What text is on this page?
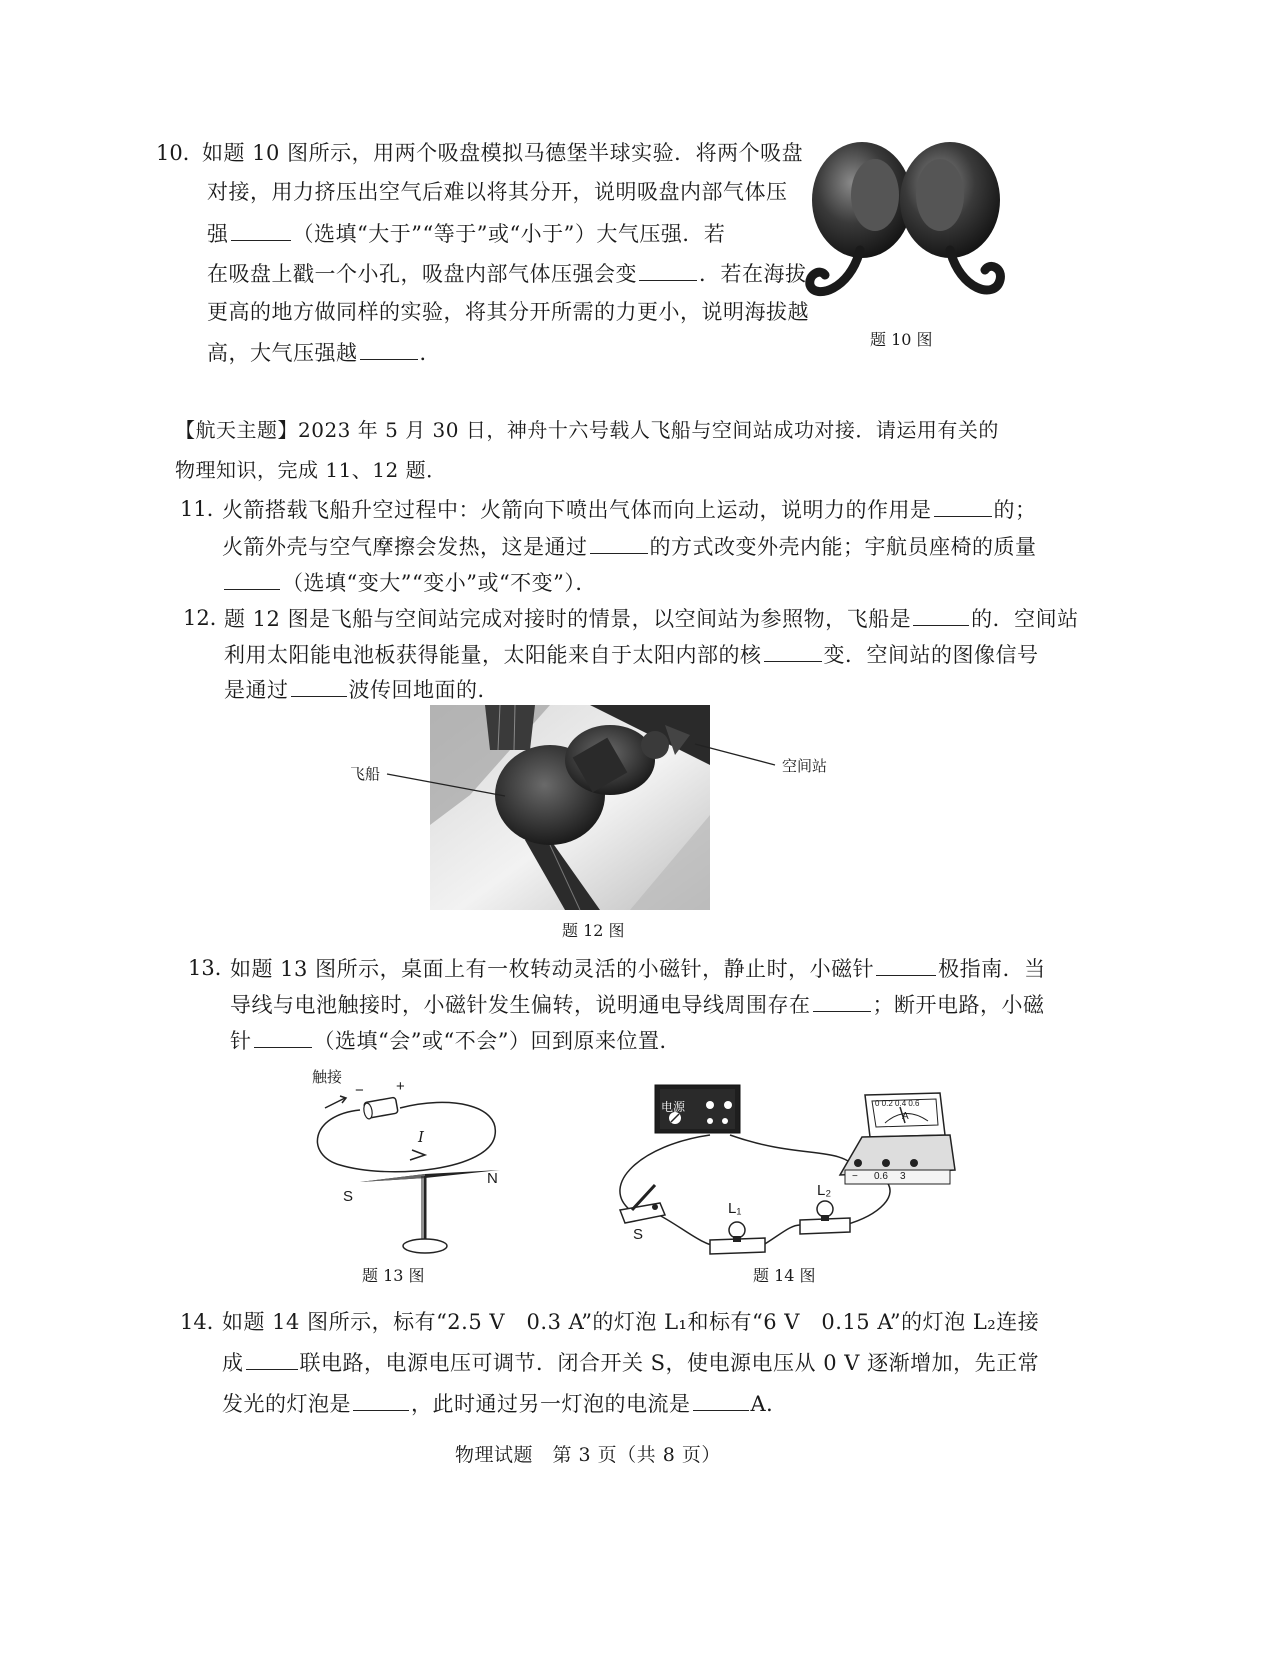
10．
如题 10 图所示，用两个吸盘模拟马德堡半球实验．将两个吸盘
对接，用力挤压出空气后难以将其分开，说明吸盘内部气体压
强	（选填“大于”“等于”或“小于”）大气压强．若
在吸盘上戳一个小孔，吸盘内部气体压强会变	．若在海拔
更高的地方做同样的实验，将其分开所需的力更小，说明海拔越
高，大气压强越	．
题 10 图
【航天主题】2023 年 5 月 30 日，神舟十六号载人飞船与空间站成功对接．请运用有关的
物理知识，完成 11、12 题．
11．
火箭搭载飞船升空过程中：火箭向下喷出气体而向上运动，说明力的作用是	的；
火箭外壳与空气摩擦会发热，这是通过	的方式改变外壳内能；宇航员座椅的质量
（选填“变大”“变小”或“不变”）．
12．
题 12 图是飞船与空间站完成对接时的情景，以空间站为参照物，飞船是	的．空间站
利用太阳能电池板获得能量，太阳能来自于太阳内部的核	变．空间站的图像信号
是通过	波传回地面的．
飞船	空间站
题 12 图
13．
如题 13 图所示，桌面上有一枚转动灵活的小磁针，静止时，小磁针	极指南．当
导线与电池触接时，小磁针发生偏转，说明通电导线周围存在	；断开电路，小磁
针	（选填“会”或“不会”）回到原来位置．
触接
− +
I
S
N
题 13 图
电源	0 0.2 0.4 0.6
A
− 0.6 3
S
L₁
L₂
题 14 图
14．
如题 14 图所示，标有“2.5 V　0.3 A”的灯泡 L₁和标有“6 V　0.15 A”的灯泡 L₂连接
成	联电路，电源电压可调节．闭合开关 S，使电源电压从 0 V 逐渐增加，先正常
发光的灯泡是	，此时通过另一灯泡的电流是	A．
物理试题　第 3 页（共 8 页）
